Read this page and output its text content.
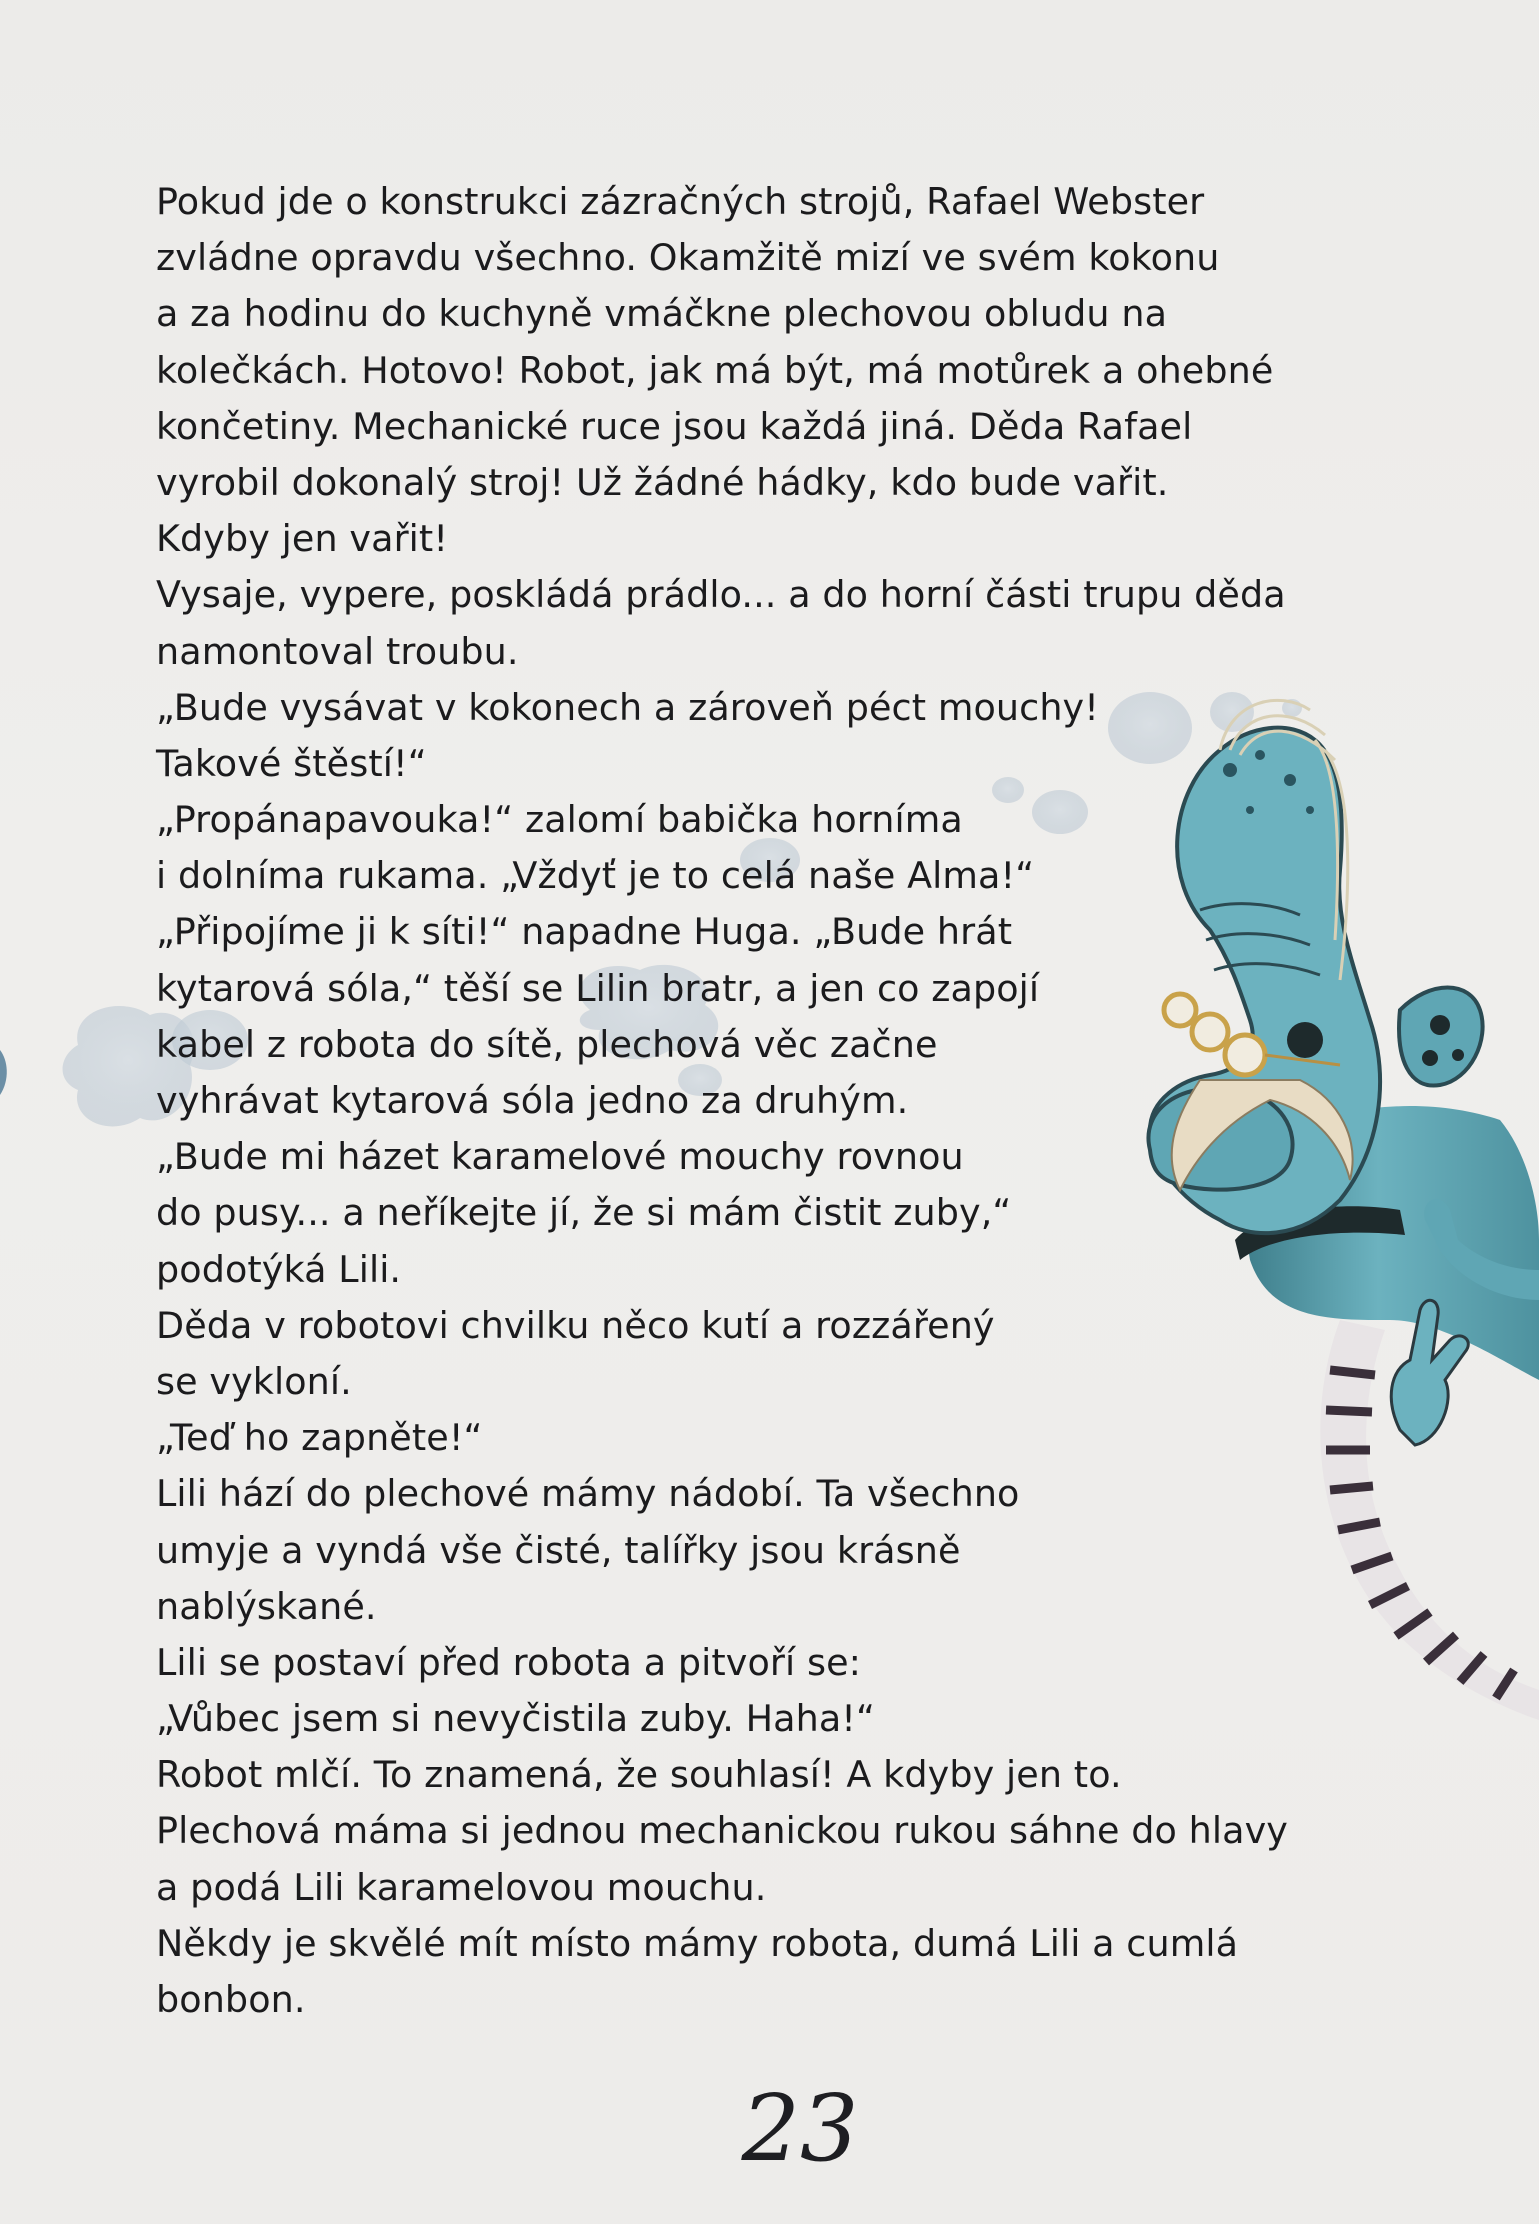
Pokud jde o konstrukci zázračných strojů, Rafael Webster
zvládne opravdu všechno. Okamžitě mizí ve svém kokonu
a za hodinu do kuchyně vmáčkne plechovou obludu na
kolečkách. Hotovo! Robot, jak má být, má motůrek a ohebné
končetiny. Mechanické ruce jsou každá jiná. Děda Rafael
vyrobil dokonalý stroj! Už žádné hádky, kdo bude vařit.
Kdyby jen vařit!
Vysaje, vypere, poskládá prádlo... a do horní části trupu děda
namontoval troubu.
„Bude vysávat v kokonech a zároveň péct mouchy!
Takové štěstí!“
„Propánapavouka!“ zalomí babička horníma
i dolníma rukama. „Vždyť je to celá naše Alma!“
„Připojíme ji k síti!“ napadne Huga. „Bude hrát
kytarová sóla,“ těší se Lilin bratr, a jen co zapojí
kabel z robota do sítě, plechová věc začne
vyhrávat kytarová sóla jedno za druhým.
„Bude mi házet karamelové mouchy rovnou
do pusy... a neříkejte jí, že si mám čistit zuby,“
podotýká Lili.
Děda v robotovi chvilku něco kutí a rozzářený
se vykloní.
„Teď ho zapněte!“
Lili hází do plechové mámy nádobí. Ta všechno
umyje a vyndá vše čisté, talířky jsou krásně
nablýskané.
Lili se postaví před robota a pitvoří se:
„Vůbec jsem si nevyčistila zuby. Haha!“
Robot mlčí. To znamená, že souhlasí! A kdyby jen to.
Plechová máma si jednou mechanickou rukou sáhne do hlavy
a podá Lili karamelovou mouchu.
Někdy je skvělé mít místo mámy robota, dumá Lili a cumlá
bonbon.
23
